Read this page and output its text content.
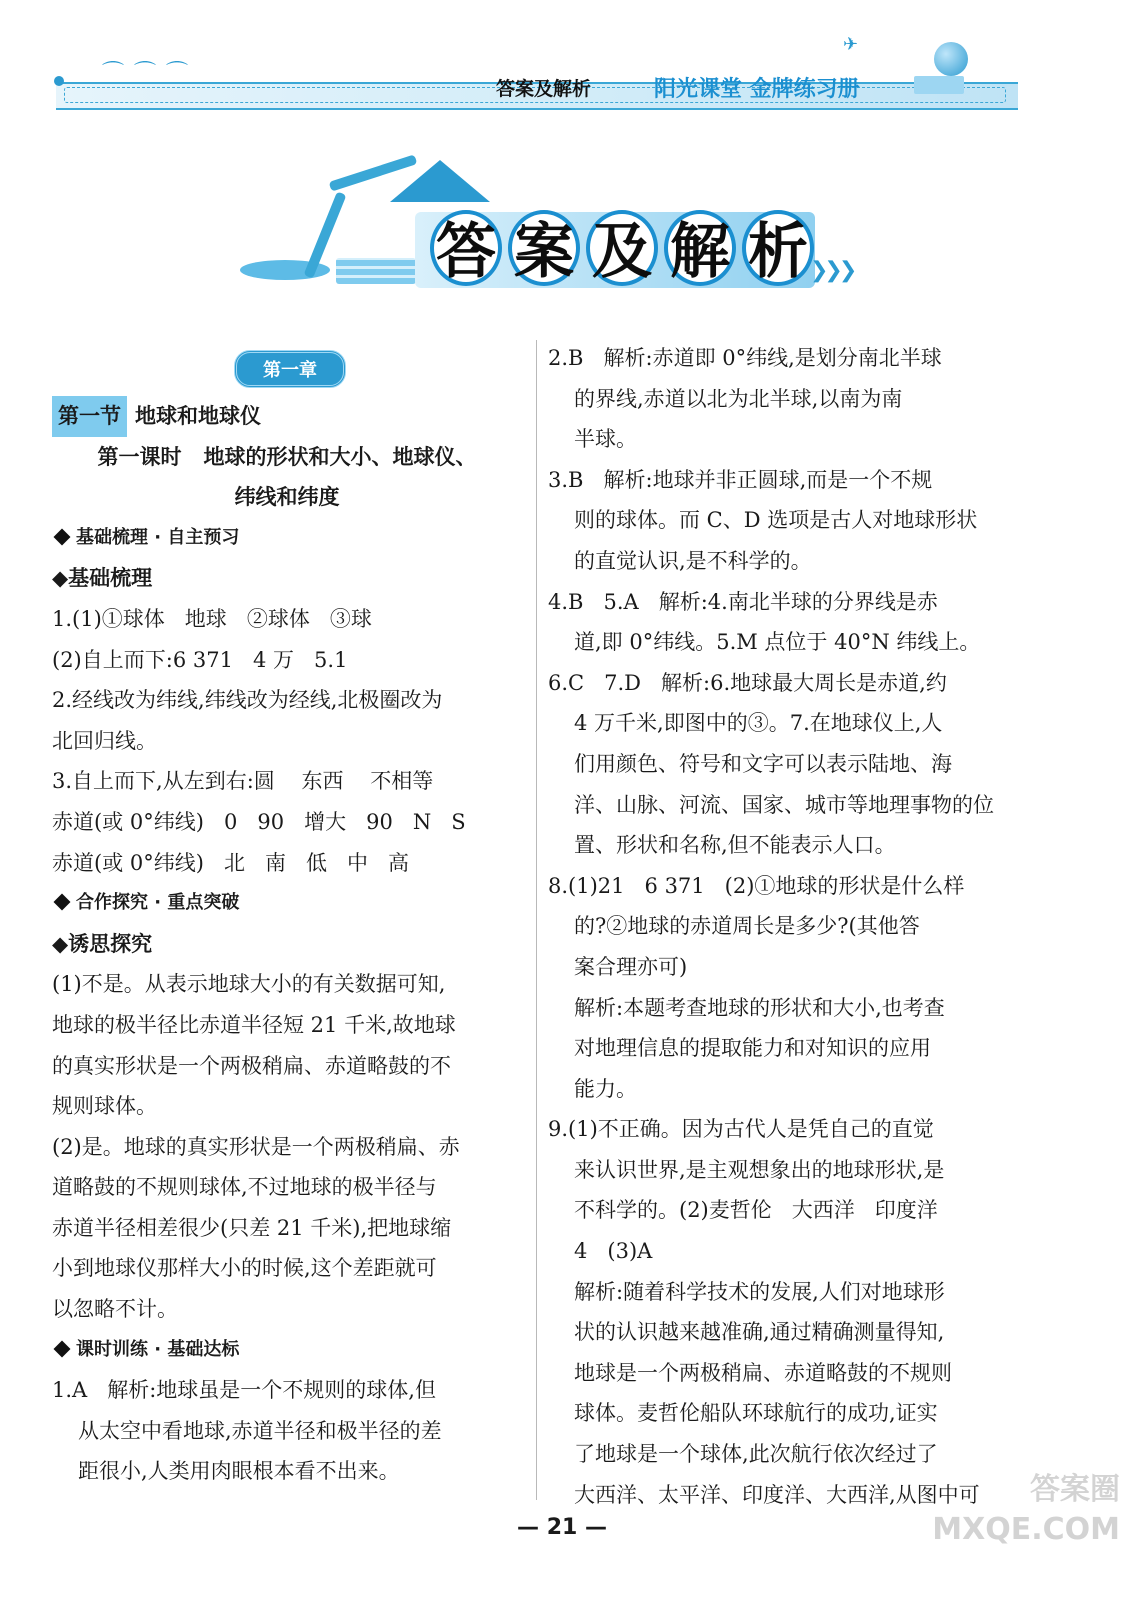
⌒⌒⌒
答案及解析	阳光课堂 金牌练习册
✈
答 案 及 解 析 ❯❯❯
第一章
第一节 地球和地球仪
第一课时   地球的形状和大小、地球仪、
纬线和纬度
基础梳理 · 自主预习
◆基础梳理
1.(1)①球体   地球   ②球体   ③球
(2)自上而下:6 371   4 万   5.1
2.经线改为纬线,纬线改为经线,北极圈改为
北回归线。
3.自上而下,从左到右:圆    东西    不相等
赤道(或 0°纬线)   0   90   增大   90   N   S
赤道(或 0°纬线)   北   南   低   中   高
合作探究 · 重点突破
◆诱思探究
(1)不是。从表示地球大小的有关数据可知,
地球的极半径比赤道半径短 21 千米,故地球
的真实形状是一个两极稍扁、赤道略鼓的不
规则球体。
(2)是。地球的真实形状是一个两极稍扁、赤
道略鼓的不规则球体,不过地球的极半径与
赤道半径相差很少(只差 21 千米),把地球缩
小到地球仪那样大小的时候,这个差距就可
以忽略不计。
课时训练 · 基础达标
1.A   解析:地球虽是一个不规则的球体,但
从太空中看地球,赤道半径和极半径的差
距很小,人类用肉眼根本看不出来。
2.B   解析:赤道即 0°纬线,是划分南北半球
的界线,赤道以北为北半球,以南为南
半球。
3.B   解析:地球并非正圆球,而是一个不规
则的球体。而 C、D 选项是古人对地球形状
的直觉认识,是不科学的。
4.B   5.A   解析:4.南北半球的分界线是赤
道,即 0°纬线。5.M 点位于 40°N 纬线上。
6.C   7.D   解析:6.地球最大周长是赤道,约
4 万千米,即图中的③。7.在地球仪上,人
们用颜色、符号和文字可以表示陆地、海
洋、山脉、河流、国家、城市等地理事物的位
置、形状和名称,但不能表示人口。
8.(1)21   6 371   (2)①地球的形状是什么样
的?②地球的赤道周长是多少?(其他答
案合理亦可)
解析:本题考查地球的形状和大小,也考查
对地理信息的提取能力和对知识的应用
能力。
9.(1)不正确。因为古代人是凭自己的直觉
来认识世界,是主观想象出的地球形状,是
不科学的。(2)麦哲伦   大西洋   印度洋
4   (3)A
解析:随着科学技术的发展,人们对地球形
状的认识越来越准确,通过精确测量得知,
地球是一个两极稍扁、赤道略鼓的不规则
球体。麦哲伦船队环球航行的成功,证实
了地球是一个球体,此次航行依次经过了
大西洋、太平洋、印度洋、大西洋,从图中可
— 21 —
答案圈
MXQE.COM
